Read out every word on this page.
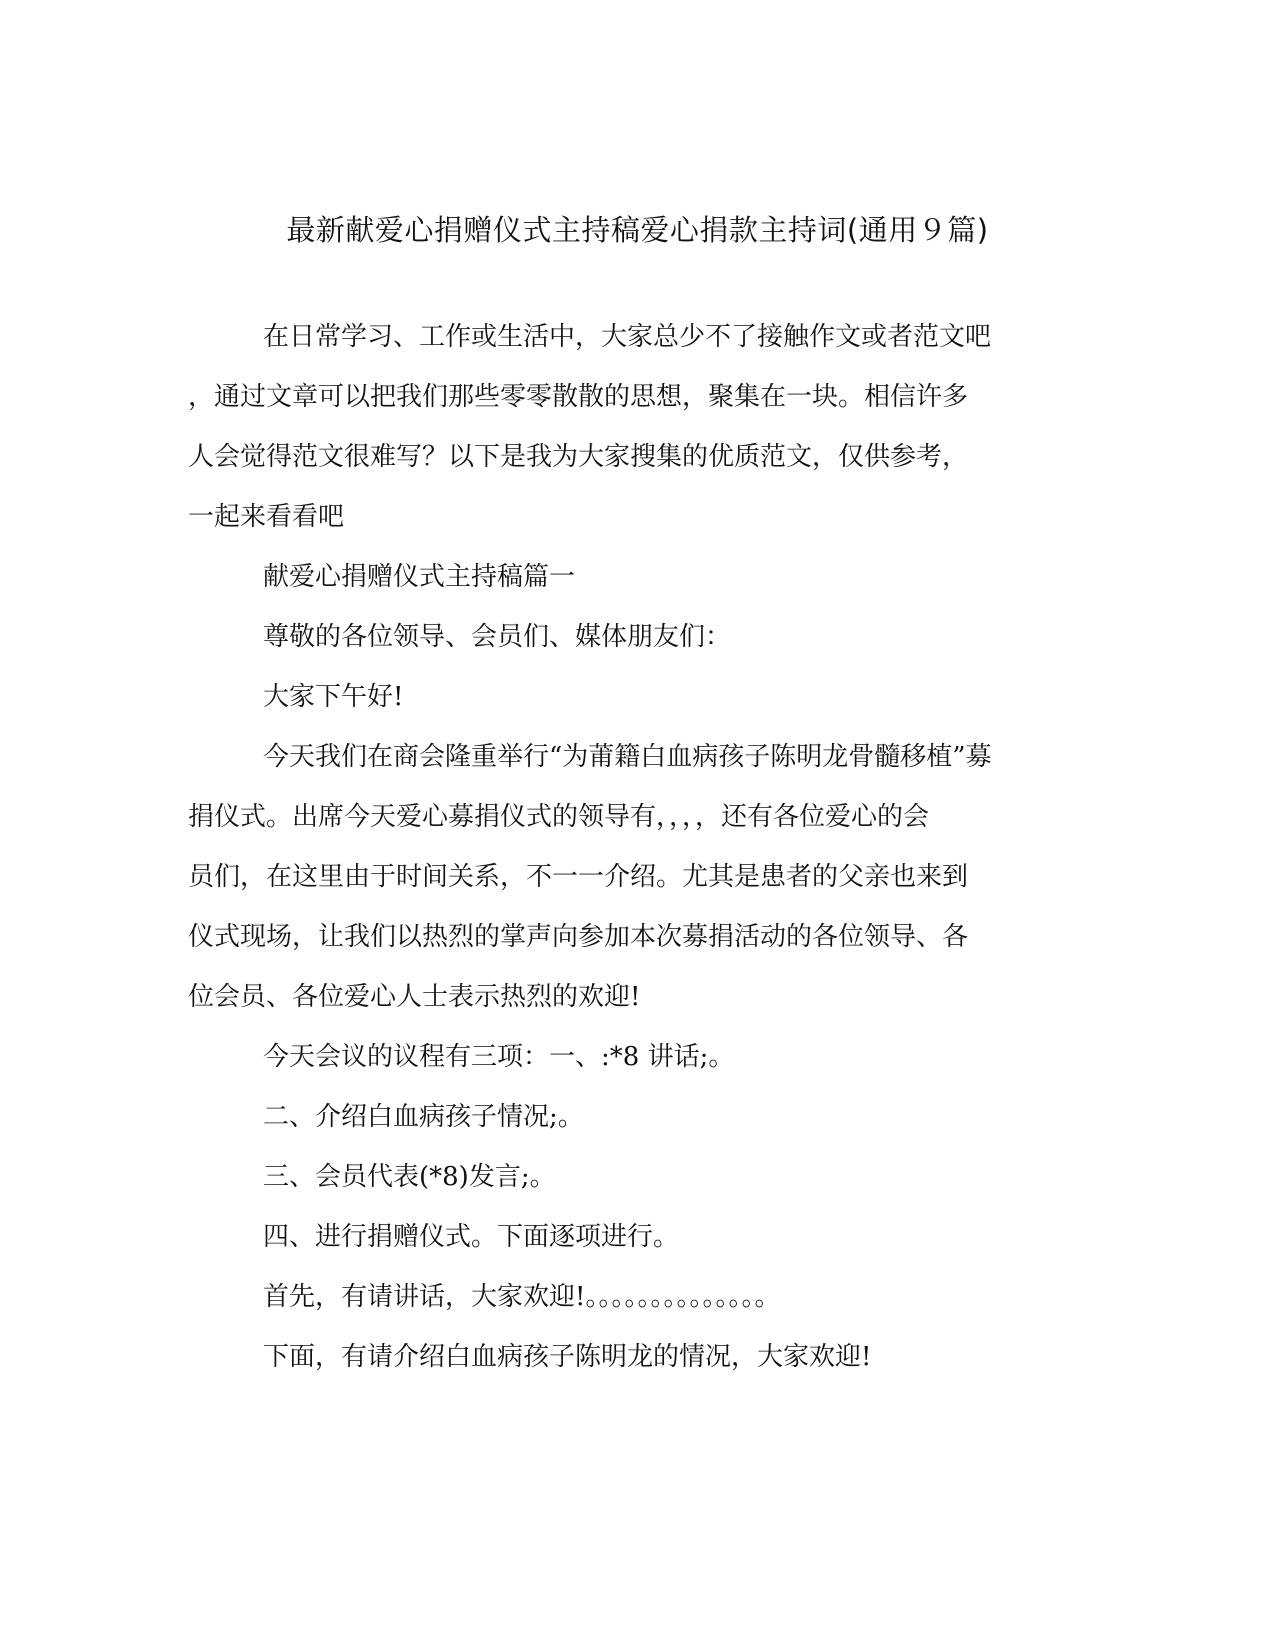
最新献爱心捐赠仪式主持稿爱心捐款主持词(通用９篇)
在日常学习、工作或生活中，大家总少不了接触作文或者范文吧
，通过文章可以把我们那些零零散散的思想，聚集在一块。相信许多
人会觉得范文很难写？以下是我为大家搜集的优质范文，仅供参考，
一起来看看吧
献爱心捐赠仪式主持稿篇一
尊敬的各位领导、会员们、媒体朋友们：
大家下午好!
今天我们在商会隆重举行“为莆籍白血病孩子陈明龙骨髓移植”募
捐仪式。出席今天爱心募捐仪式的领导有，，，，还有各位爱心的会
员们，在这里由于时间关系，不一一介绍。尤其是患者的父亲也来到
仪式现场，让我们以热烈的掌声向参加本次募捐活动的各位领导、各
位会员、各位爱心人士表示热烈的欢迎!
今天会议的议程有三项：一、:*8 讲话;。
二、介绍白血病孩子情况;。
三、会员代表(*8)发言;。
四、进行捐赠仪式。下面逐项进行。
首先，有请讲话，大家欢迎!。。。。。。。。。。。。。。
下面，有请介绍白血病孩子陈明龙的情况，大家欢迎!
